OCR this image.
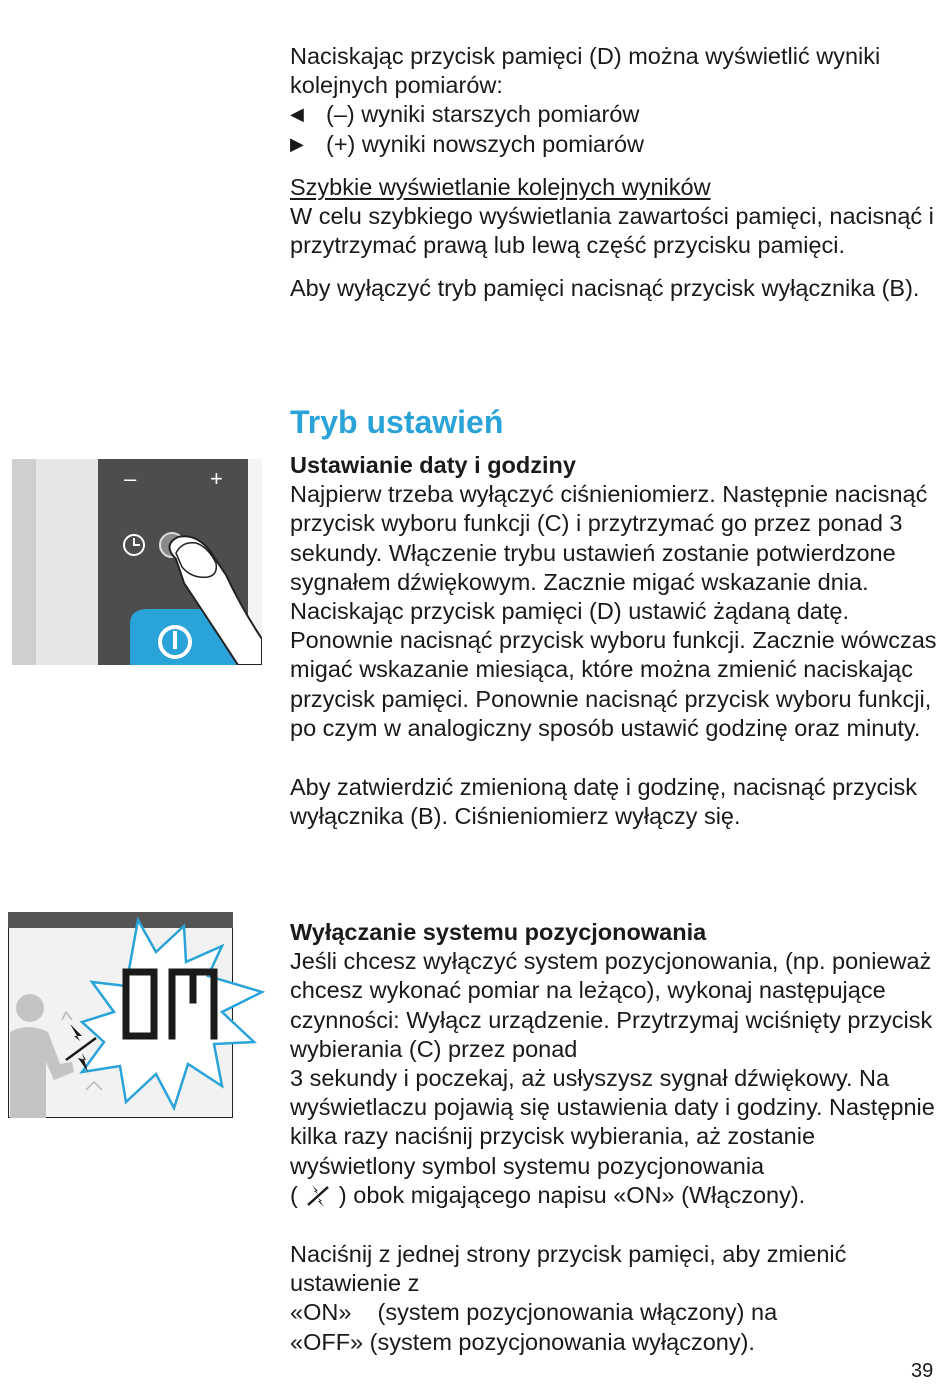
Naciskając przycisk pamięci (D) można wyświetlić wyniki kolejnych pomiarów:

◀ (–) wyniki starszych pomiarów
▶ (+) wyniki nowszych pomiarów

Szybkie wyświetlanie kolejnych wyników

W celu szybkiego wyświetlania zawartości pamięci, nacisnąć i przytrzymać prawą lub lewą część przycisku pamięci.

Aby wyłączyć tryb pamięci nacisnąć przycisk wyłącznika (B).

Tryb ustawień

Ustawianie daty i godziny

Najpierw trzeba wyłączyć ciśnieniomierz. Następnie nacisnąć przycisk wyboru funkcji (C) i przytrzymać go przez ponad 3 sekundy. Włączenie trybu ustawień zostanie potwierdzone sygnałem dźwiękowym. Zacznie migać wskazanie dnia. Naciskając przycisk pamięci (D) ustawić żądaną datę. Ponownie nacisnąć przycisk wyboru funkcji. Zacznie wówczas migać wskazanie miesiąca, które można zmienić naciskając przycisk pamięci. Ponownie nacisnąć przycisk wyboru funkcji, po czym w analogiczny sposób ustawić godzinę oraz minuty.

Aby zatwierdzić zmienioną datę i godzinę, nacisnąć przycisk wyłącznika (B). Ciśnieniomierz wyłączy się.

Wyłączanie systemu pozycjonowania

Jeśli chcesz wyłączyć system pozycjonowania, (np. ponieważ chcesz wykonać pomiar na leżąco), wykonaj następujące czynności: Wyłącz urządzenie. Przytrzymaj wciśnięty przycisk wybierania (C) przez ponad

3 sekundy i poczekaj, aż usłyszysz sygnał dźwiękowy. Na wyświetlaczu pojawią się ustawienia daty i godziny. Następnie kilka razy naciśnij przycisk wybierania, aż zostanie wyświetlony symbol systemu pozycjonowania

( ) obok migającego napisu «ON» (Włączony).

Naciśnij z jednej strony przycisk pamięci, aby zmienić ustawienie z

«ON»    (system pozycjonowania włączony) na

«OFF» (system pozycjonowania wyłączony).

–	+
39
